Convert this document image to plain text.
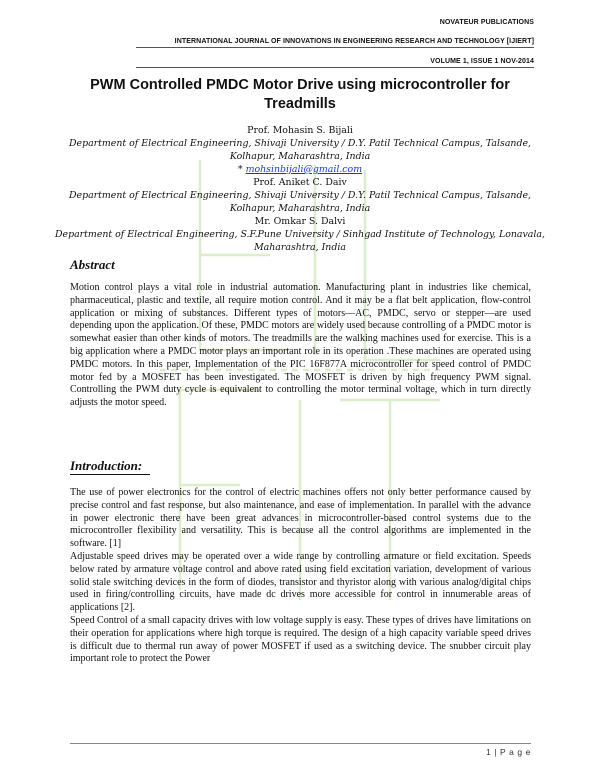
NOVATEUR PUBLICATIONS
INTERNATIONAL JOURNAL OF INNOVATIONS IN ENGINEERING RESEARCH AND TECHNOLOGY [IJIERT]
VOLUME 1, ISSUE 1 NOV-2014
PWM Controlled PMDC Motor Drive using microcontroller for Treadmills
Prof. Mohasin S. Bijali
Department of Electrical Engineering, Shivaji University / D.Y. Patil Technical Campus, Talsande,
Kolhapur, Maharashtra, India
* mohsinbijali@gmail.com
Prof. Aniket C. Daiv
Department of Electrical Engineering, Shivaji University / D.Y. Patil Technical Campus, Talsande,
Kolhapur, Maharashtra, India
Mr. Omkar S. Dalvi
Department of Electrical Engineering, S.F.Pune University / Sinhgad Institute of Technology, Lonavala,
Maharashtra, India
Abstract

Motion control plays a vital role in industrial automation. Manufacturing plant in industries like chemical, pharmaceutical, plastic and textile, all require motion control. And it may be a flat belt application, flow-control application or mixing of substances. Different types of motors—AC, PMDC, servo or stepper—are used depending upon the application. Of these, PMDC motors are widely used because controlling of a PMDC motor is somewhat easier than other kinds of motors. The treadmills are the walking machines used for exercise. This is a big application where a PMDC motor plays an important role in its operation .These machines are operated using PMDC motors. In this paper, Implementation of the PIC 16F877A microcontroller for speed control of PMDC motor fed by a MOSFET has been investigated. The MOSFET is driven by high frequency PWM signal. Controlling the PWM duty cycle is equivalent to controlling the motor terminal voltage, which in turn directly adjusts the motor speed.

Introduction:

The use of power electronics for the control of electric machines offers not only better performance caused by precise control and fast response, but also maintenance, and ease of implementation. In parallel with the advance in power electronic there have been great advances in microcontroller-based control systems due to the microcontroller flexibility and versatility. This is because all the control algorithms are implemented in the software. [1]

Adjustable speed drives may be operated over a wide range by controlling armature or field excitation. Speeds below rated by armature voltage control and above rated using field excitation variation, development of various solid stale switching devices in the form of diodes, transistor and thyristor along with various analog/digital chips used in firing/controlling circuits, have made dc drives more accessible for control in innumerable areas of applications [2].

Speed Control of a small capacity drives with low voltage supply is easy. These types of drives have limitations on their operation for applications where high torque is required. The design of a high capacity variable speed drives is difficult due to thermal run away of power MOSFET if used as a switching device. The snubber circuit play important role to protect the Power

1 | P a g e
